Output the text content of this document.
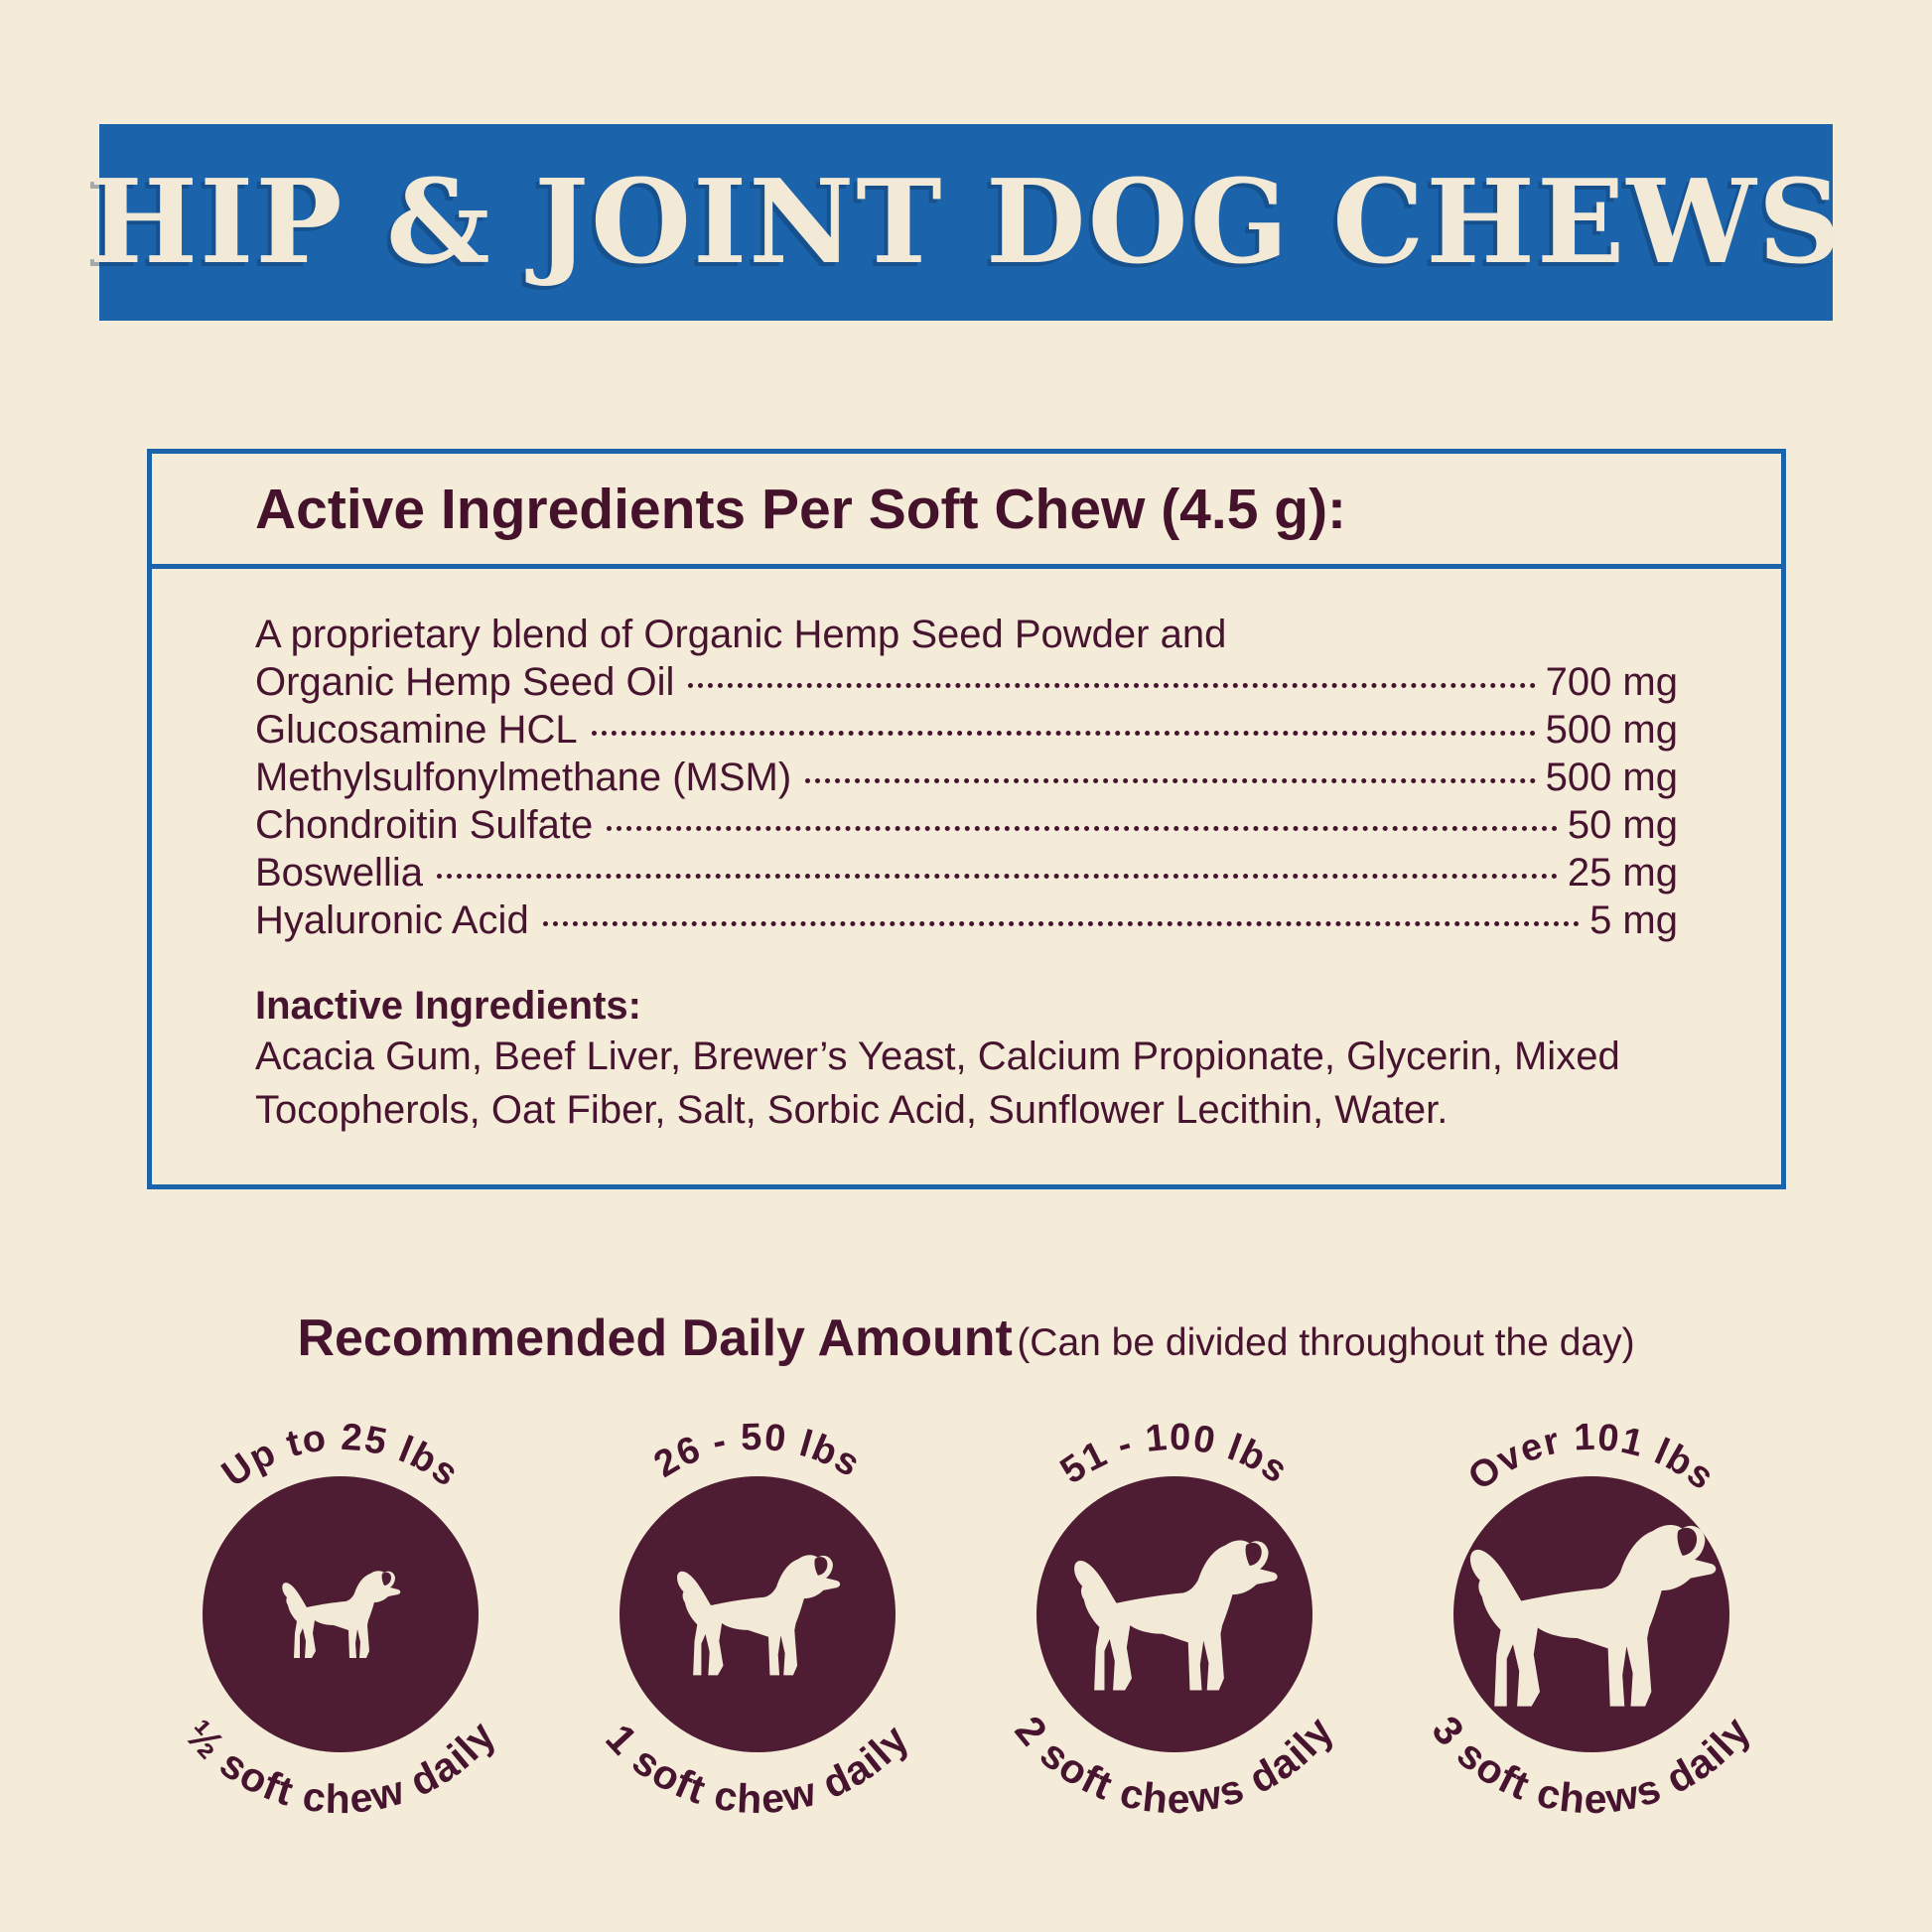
HIP & JOINT DOG CHEWS
Active Ingredients Per Soft Chew (4.5 g):

A proprietary blend of Organic Hemp Seed Powder and

Organic Hemp Seed Oil	700 mg
Glucosamine HCL	500 mg
Methylsulfonylmethane (MSM)	500 mg
Chondroitin Sulfate	50 mg
Boswellia	25 mg
Hyaluronic Acid	5 mg

Inactive Ingredients:

Acacia Gum, Beef Liver, Brewer’s Yeast, Calcium Propionate, Glycerin, Mixed Tocopherols, Oat Fiber, Salt, Sorbic Acid, Sunflower Lecithin, Water.

Recommended Daily Amount (Can be divided throughout the day)
Up to 25 lbs
½ soft chew daily
26 - 50 lbs
1 soft chew daily
51 - 100 lbs
2 soft chews daily
Over 101 lbs
3 soft chews daily
